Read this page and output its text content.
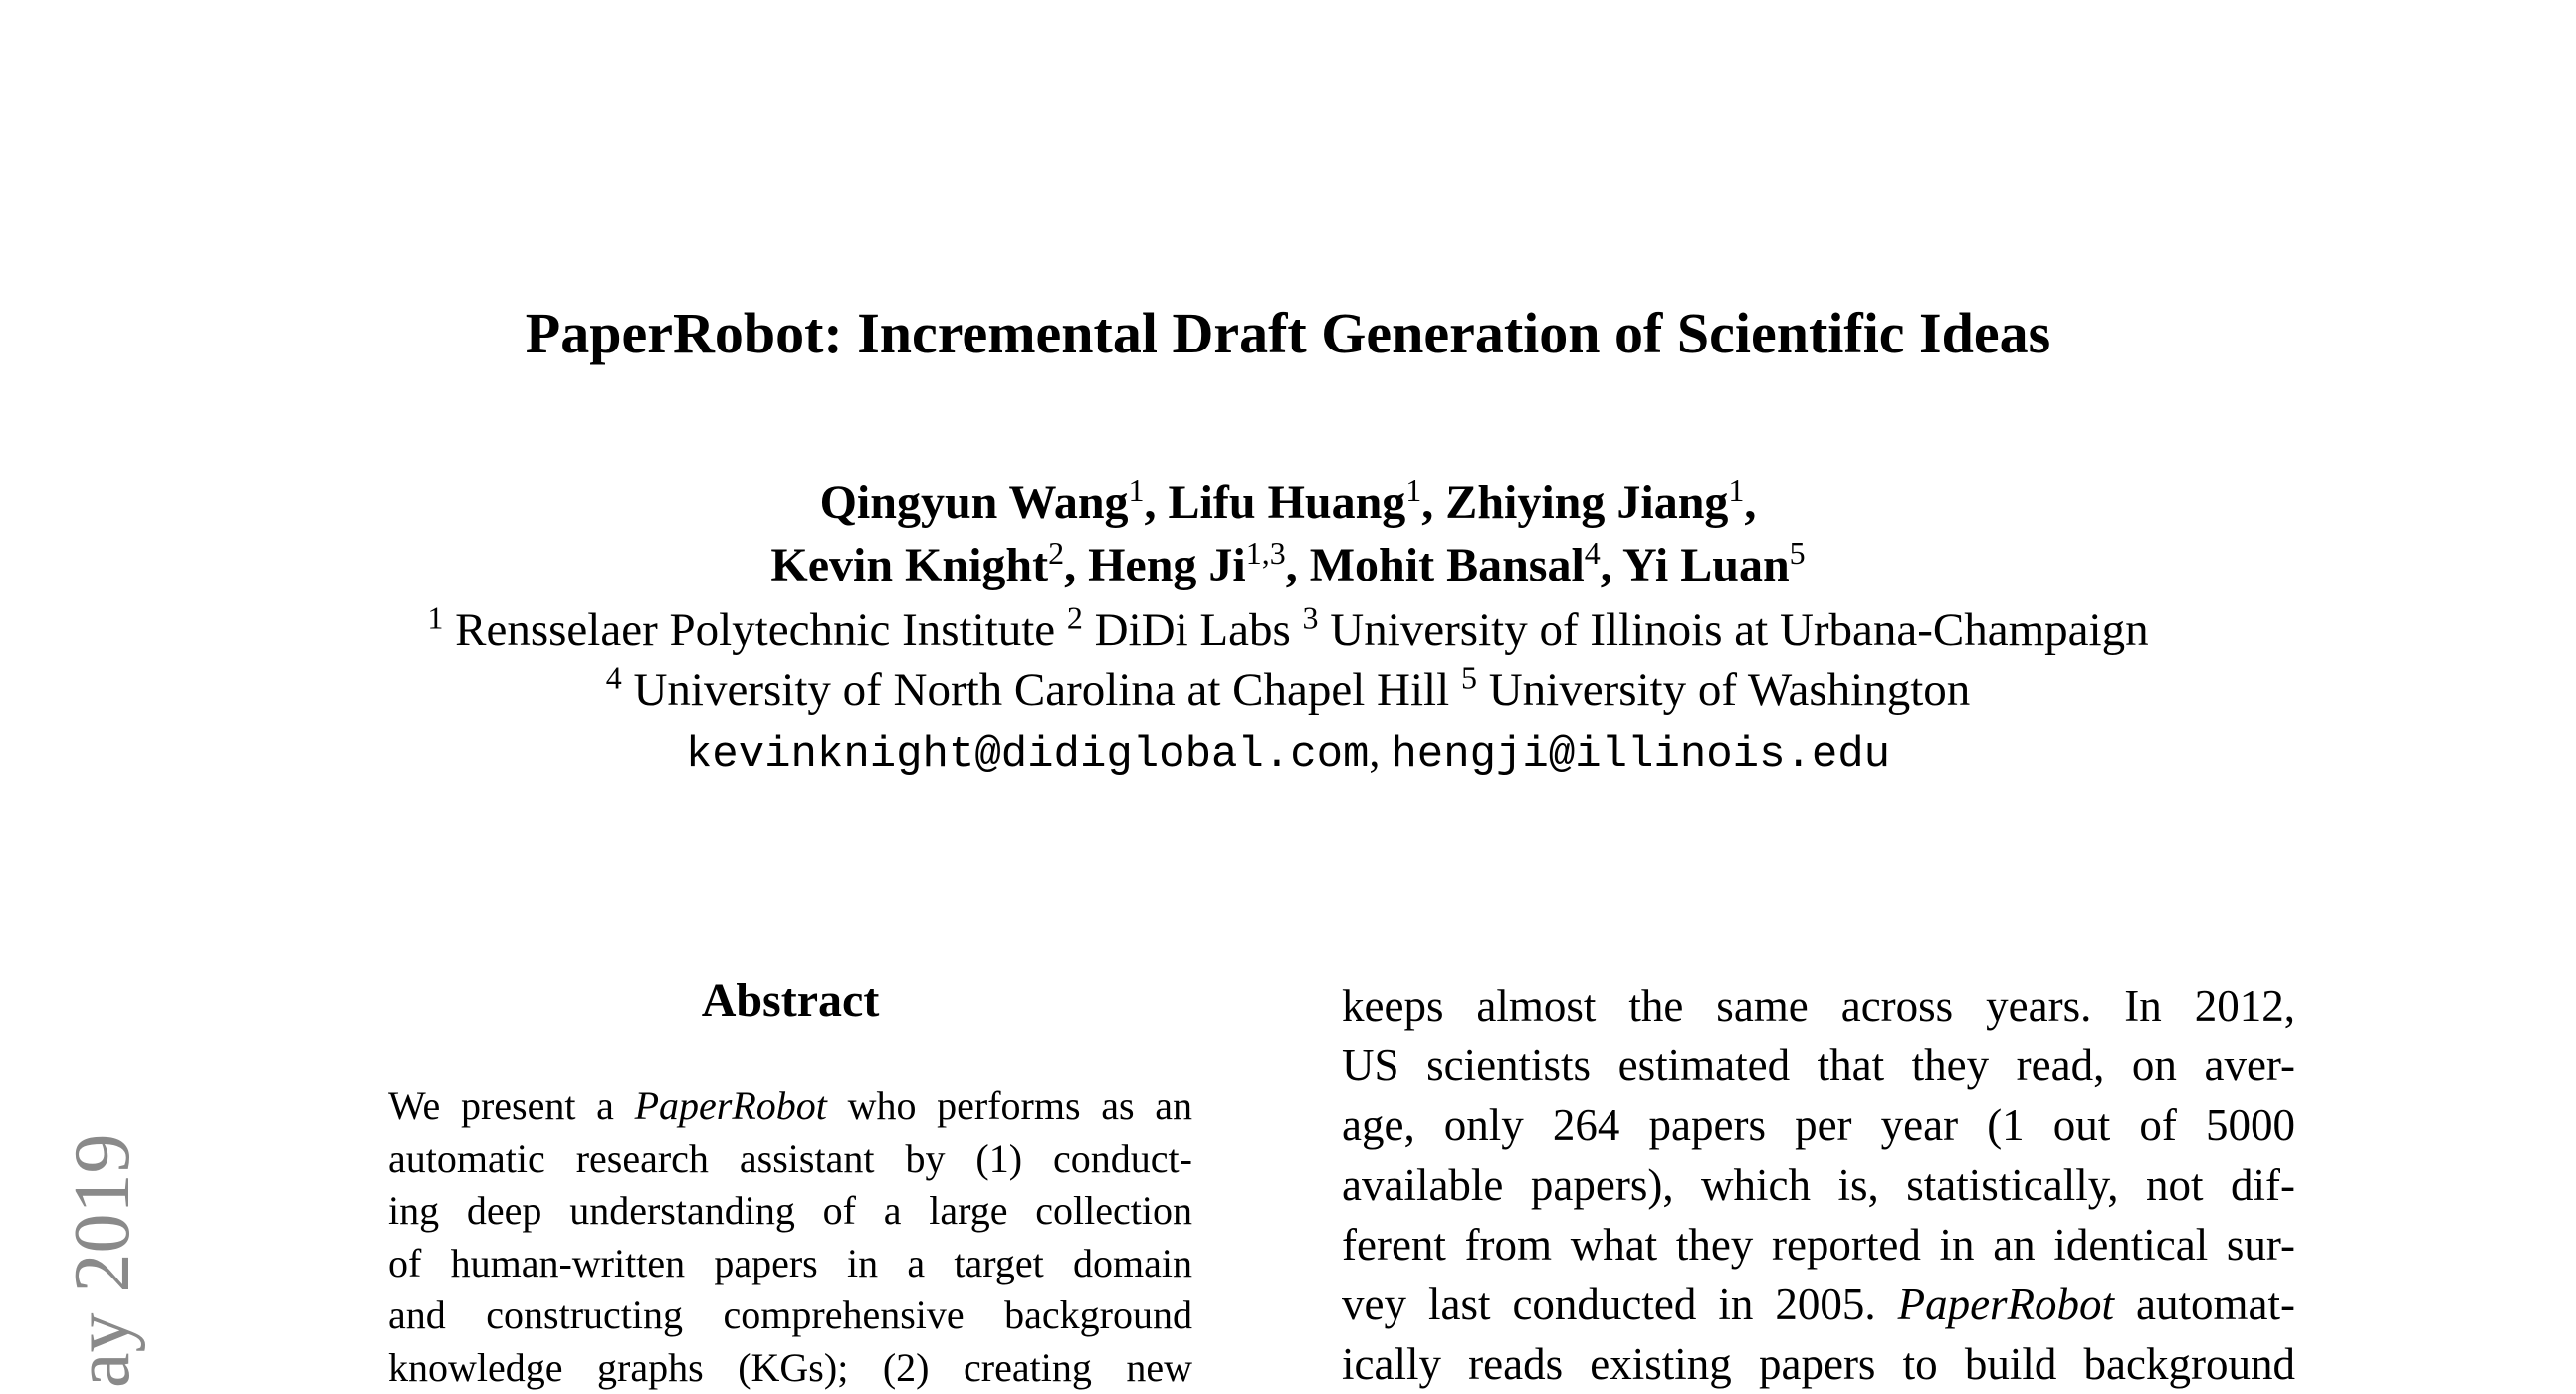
PaperRobot: Incremental Draft Generation of Scientific Ideas
Qingyun Wang$^1$, Lifu Huang$^1$, Zhiying Jiang$^1$,
Kevin Knight$^2$, Heng Ji$^{1,3}$, Mohit Bansal$^4$, Yi Luan$^5$
$^1$ Rensselaer Polytechnic Institute $^2$ DiDi Labs $^3$ University of Illinois at Urbana-Champaign
$^4$ University of North Carolina at Chapel Hill $^5$ University of Washington
kevinknight@didiglobal.com, hengji@illinois.edu
Abstract
We present a PaperRobot who performs as an
automatic research assistant by (1) conduct-
ing deep understanding of a large collection
of human-written papers in a target domain
and constructing comprehensive background
knowledge graphs (KGs); (2) creating new
keeps almost the same across years. In 2012,
US scientists estimated that they read, on aver-
age, only 264 papers per year (1 out of 5000
available papers), which is, statistically, not dif-
ferent from what they reported in an identical sur-
vey last conducted in 2005. PaperRobot automat-
ically reads existing papers to build background
ay 2019
